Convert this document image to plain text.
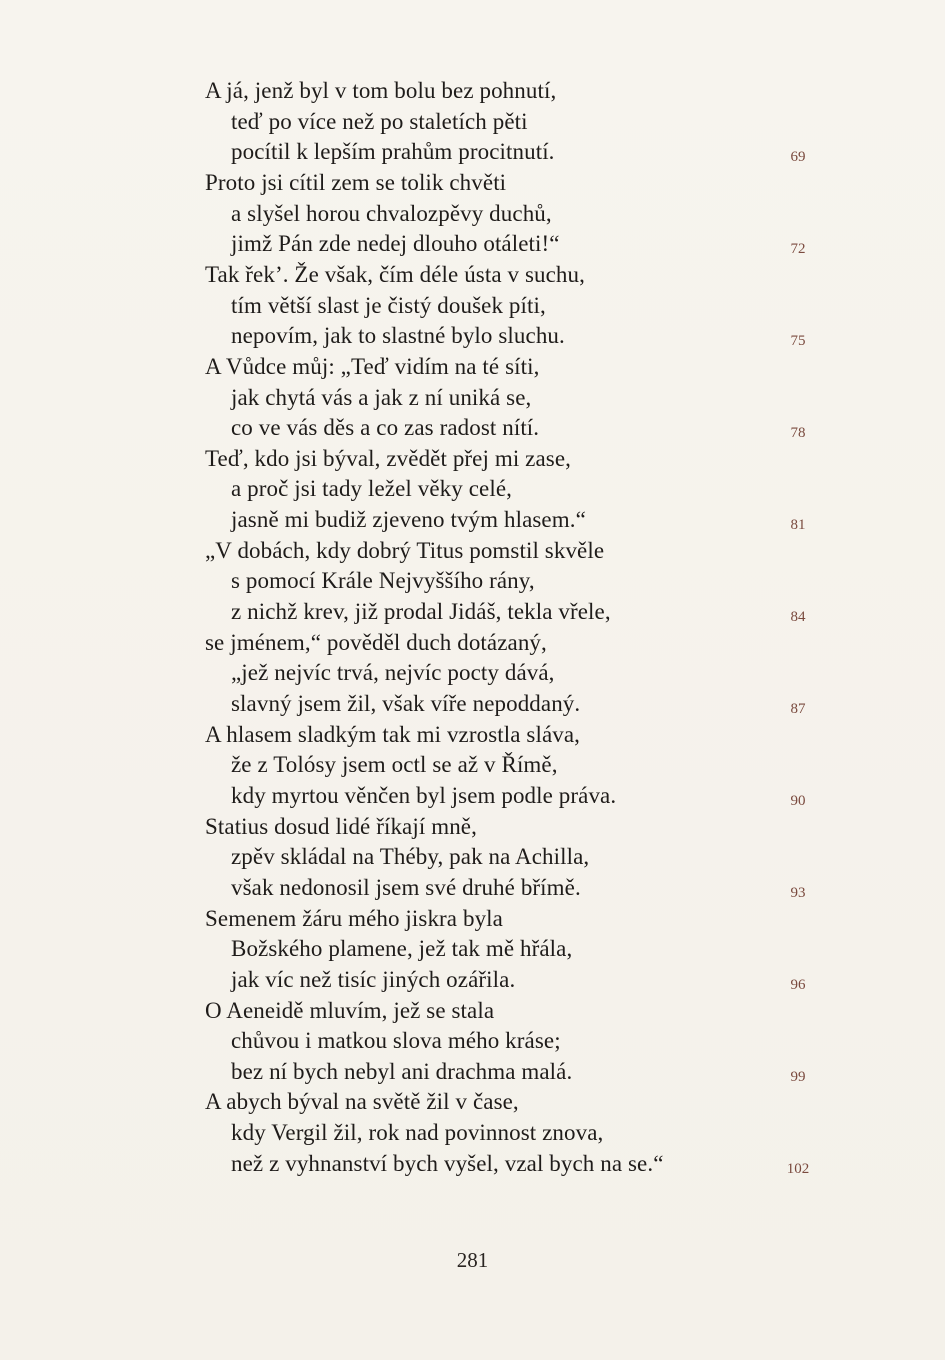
A já, jenž byl v tom bolu bez pohnutí,
teď po více než po staletích pěti
pocítil k lepším prahům procitnutí.
Proto jsi cítil zem se tolik chvěti
a slyšel horou chvalozpěvy duchů,
jimž Pán zde nedej dlouho otáleti!“
Tak řek’. Že však, čím déle ústa v suchu,
tím větší slast je čistý doušek píti,
nepovím, jak to slastné bylo sluchu.
A Vůdce můj: „Teď vidím na té síti,
jak chytá vás a jak z ní uniká se,
co ve vás děs a co zas radost nítí.
Teď, kdo jsi býval, zvědět přej mi zase,
a proč jsi tady ležel věky celé,
jasně mi budiž zjeveno tvým hlasem.“
„V dobách, kdy dobrý Titus pomstil skvěle
s pomocí Krále Nejvyššího rány,
z nichž krev, již prodal Jidáš, tekla vřele,
se jménem,“ pověděl duch dotázaný,
„jež nejvíc trvá, nejvíc pocty dává,
slavný jsem žil, však víře nepoddaný.
A hlasem sladkým tak mi vzrostla sláva,
že z Tolósy jsem octl se až v Římě,
kdy myrtou věnčen byl jsem podle práva.
Statius dosud lidé říkají mně,
zpěv skládal na Théby, pak na Achilla,
však nedonosil jsem své druhé břímě.
Semenem žáru mého jiskra byla
Božského plamene, jež tak mě hřála,
jak víc než tisíc jiných ozářila.
O Aeneidě mluvím, jež se stala
chůvou i matkou slova mého kráse;
bez ní bych nebyl ani drachma malá.
A abych býval na světě žil v čase,
kdy Vergil žil, rok nad povinnost znova,
než z vyhnanství bych vyšel, vzal bych na se.“
69
72
75
78
81
84
87
90
93
96
99
102
281
